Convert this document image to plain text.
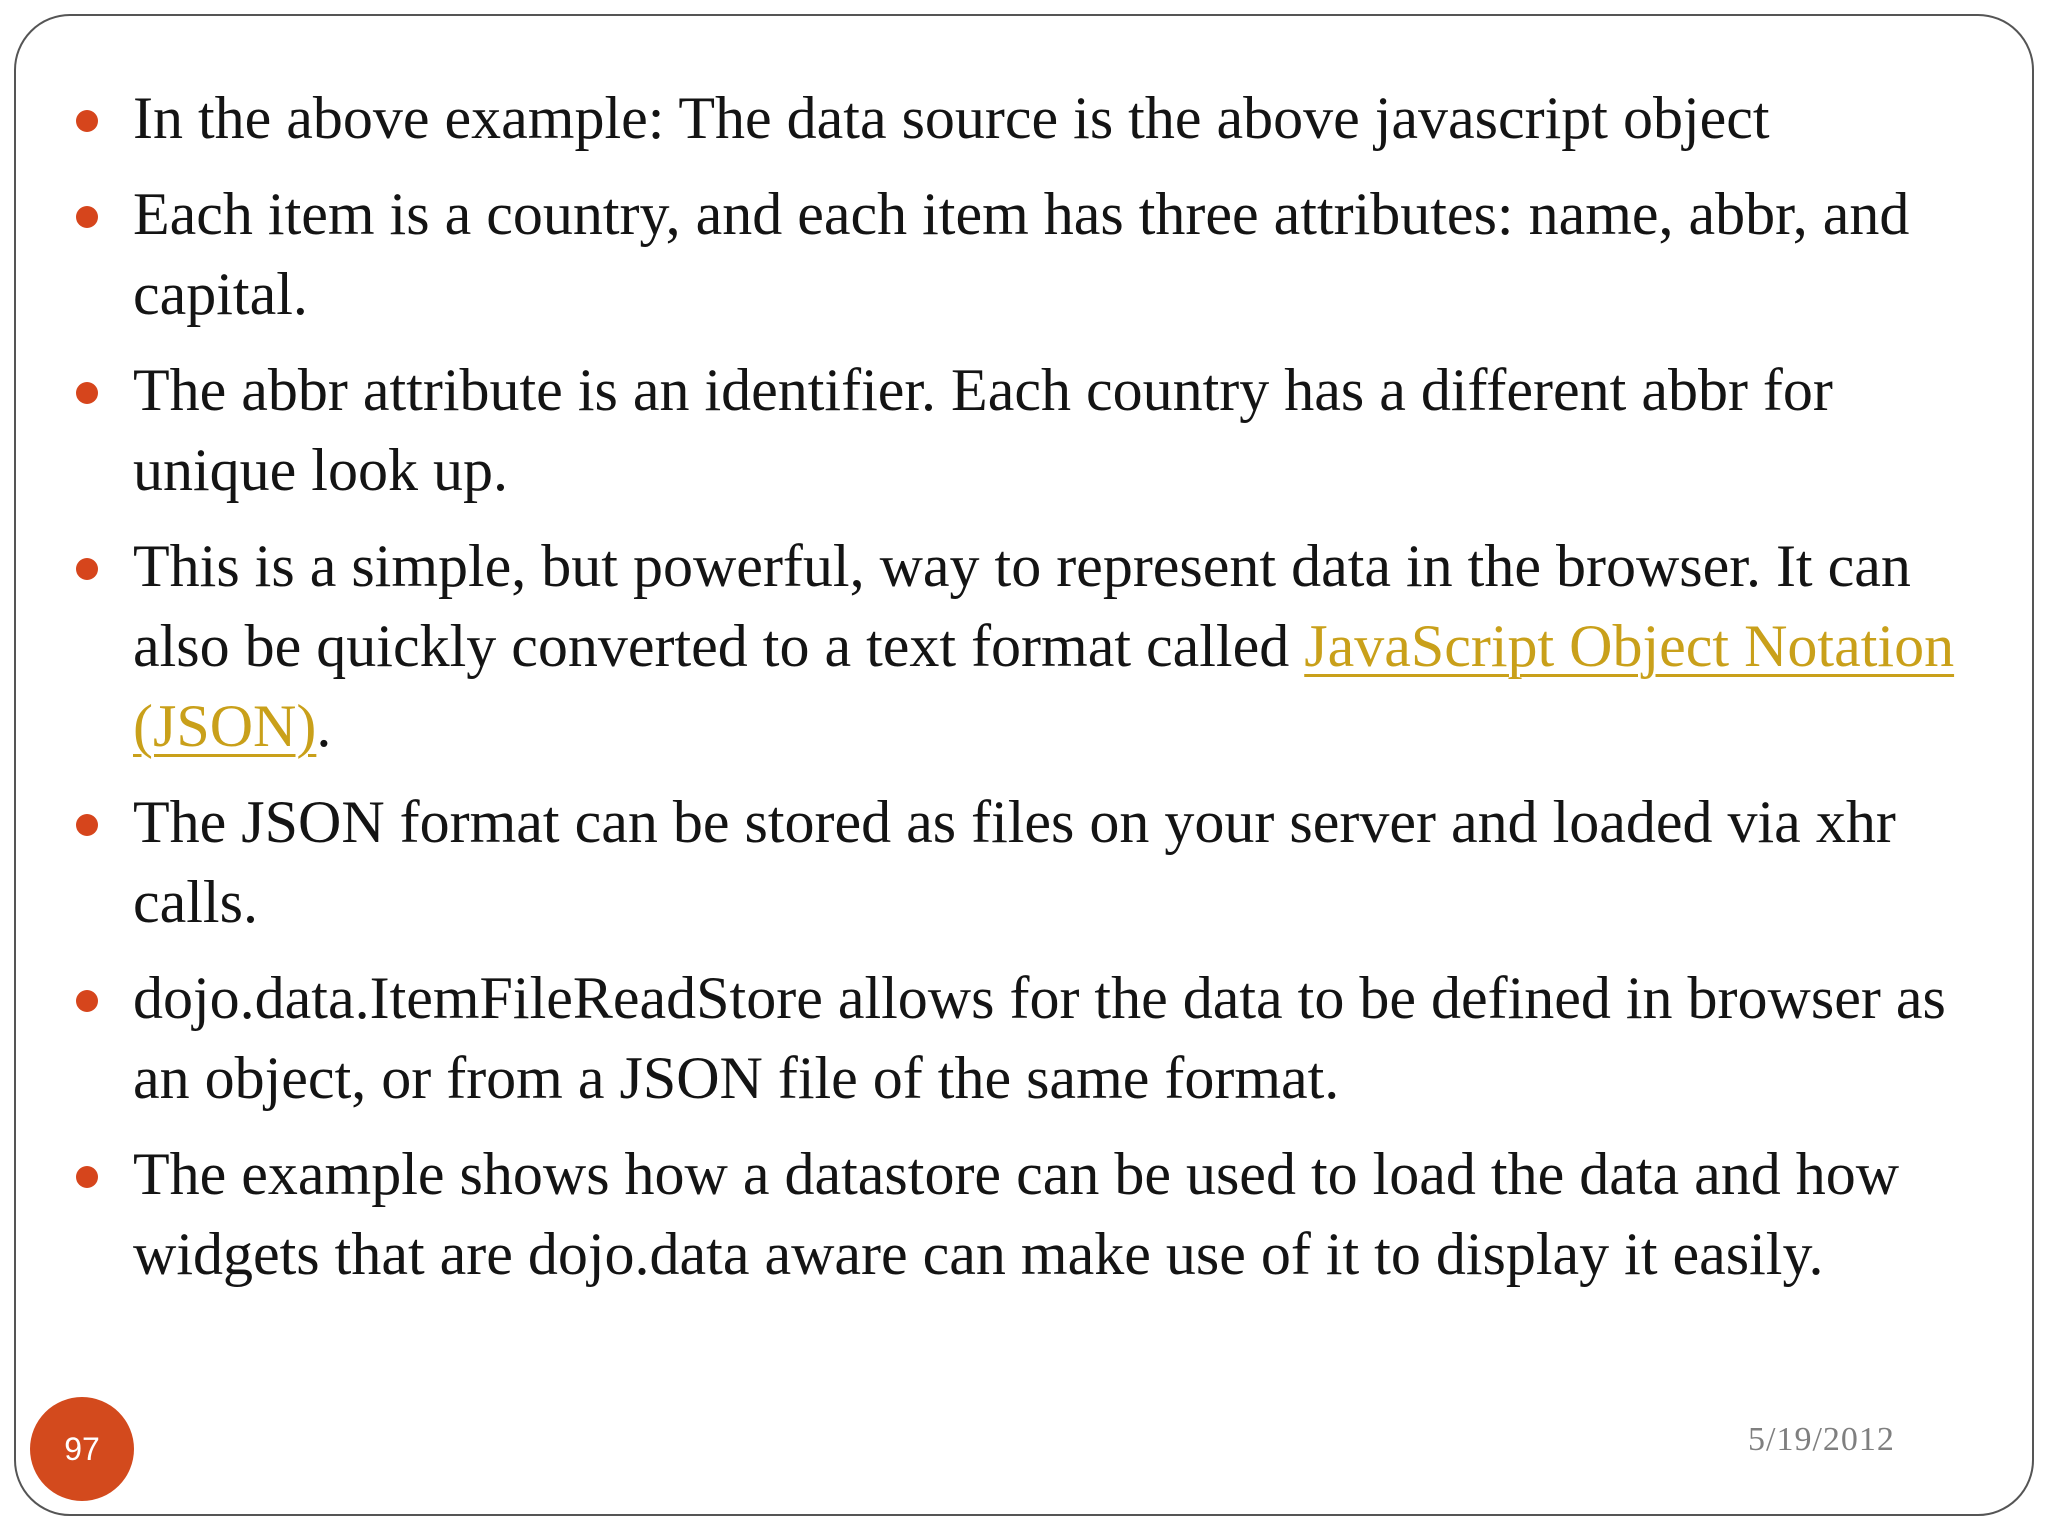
In the above example: The data source is the above javascript object
Each item is a country, and each item has three attributes: name, abbr, and capital.
The abbr attribute is an identifier. Each country has a different abbr for unique look up.
This is a simple, but powerful, way to represent data in the browser. It can also be quickly converted to a text format called JavaScript Object Notation (JSON).
The JSON format can be stored as files on your server and loaded via xhr calls.
dojo.data.ItemFileReadStore allows for the data to be defined in browser as an object, or from a JSON file of the same format.
The example shows how a datastore can be used to load the data and how widgets that are dojo.data aware can make use of it to display it easily.
97	5/19/2012
